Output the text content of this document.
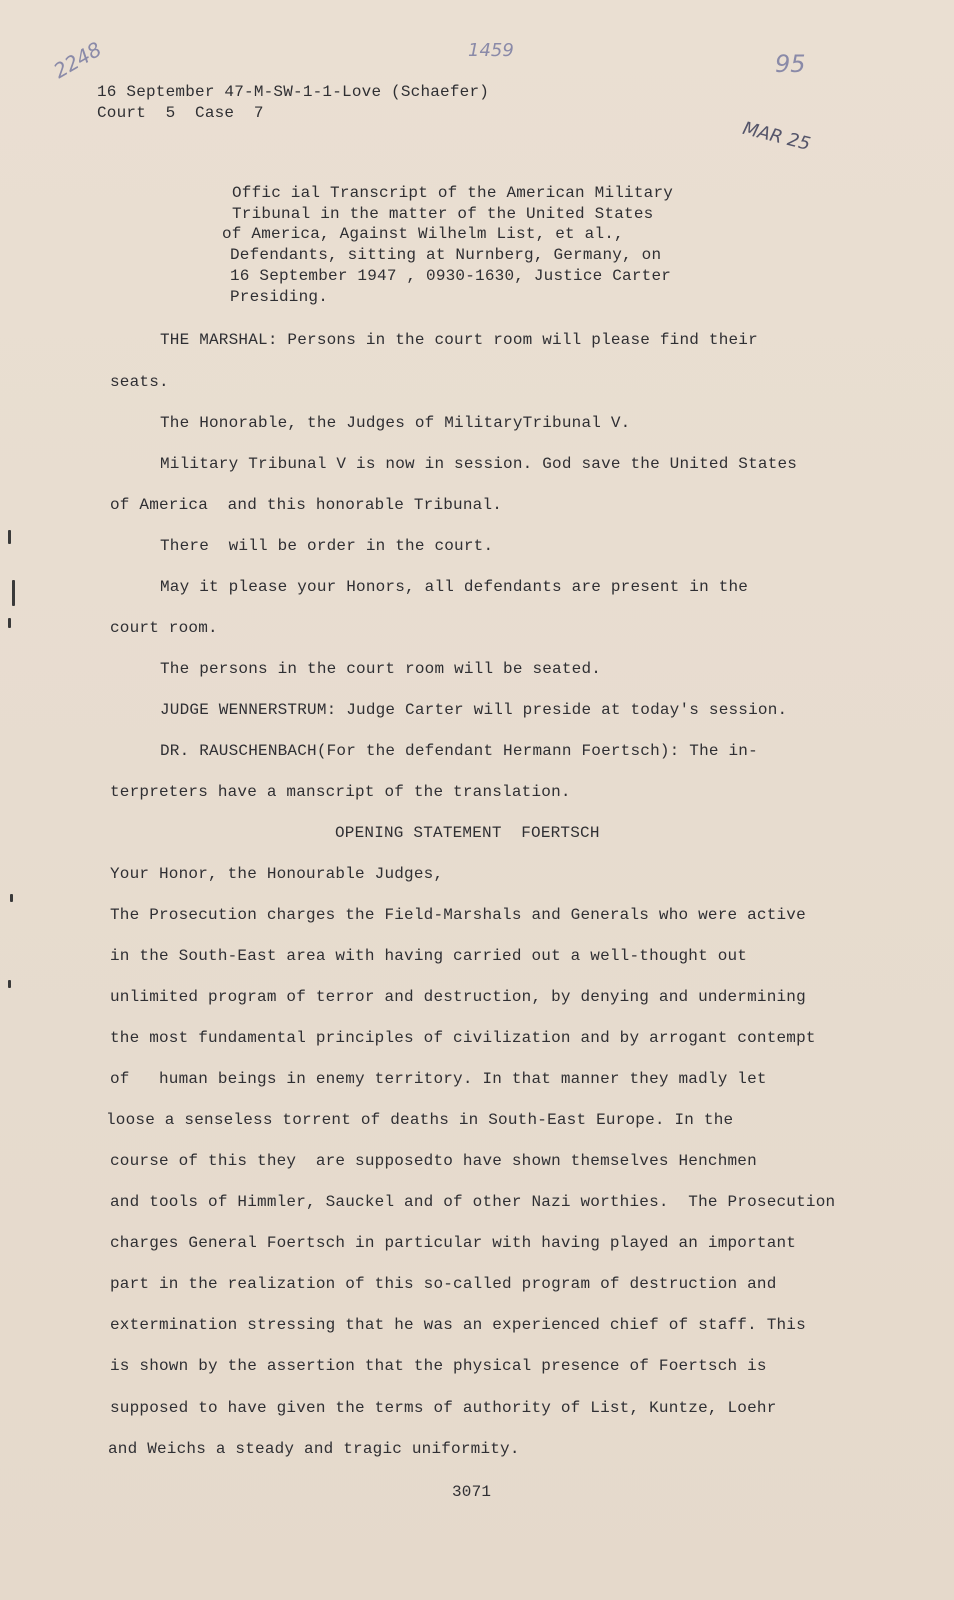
2248	1459	95
MAR 25
16 September 47-M-SW-1-1-Love (Schaefer)
Court  5  Case  7
Offic ial Transcript of the American Military
Tribunal in the matter of the United States
of America, Against Wilhelm List, et al.,
Defendants, sitting at Nurnberg, Germany, on
16 September 1947 , 0930-1630, Justice Carter
Presiding.
THE MARSHAL: Persons in the court room will please find their
seats.
The Honorable, the Judges of MilitaryTribunal V.
Military Tribunal V is now in session. God save the United States
of America  and this honorable Tribunal.
There  will be order in the court.
May it please your Honors, all defendants are present in the
court room.
The persons in the court room will be seated.
JUDGE WENNERSTRUM: Judge Carter will preside at today's session.
DR. RAUSCHENBACH(For the defendant Hermann Foertsch): The in-
terpreters have a manscript of the translation.
OPENING STATEMENT  FOERTSCH
Your Honor, the Honourable Judges,
The Prosecution charges the Field-Marshals and Generals who were active
in the South-East area with having carried out a well-thought out
unlimited program of terror and destruction, by denying and undermining
the most fundamental principles of civilization and by arrogant contempt
of   human beings in enemy territory. In that manner they madly let
loose a senseless torrent of deaths in South-East Europe. In the
course of this they  are supposedto have shown themselves Henchmen
and tools of Himmler, Sauckel and of other Nazi worthies.  The Prosecution
charges General Foertsch in particular with having played an important
part in the realization of this so-called program of destruction and
extermination stressing that he was an experienced chief of staff. This
is shown by the assertion that the physical presence of Foertsch is
supposed to have given the terms of authority of List, Kuntze, Loehr
and Weichs a steady and tragic uniformity.
3071
